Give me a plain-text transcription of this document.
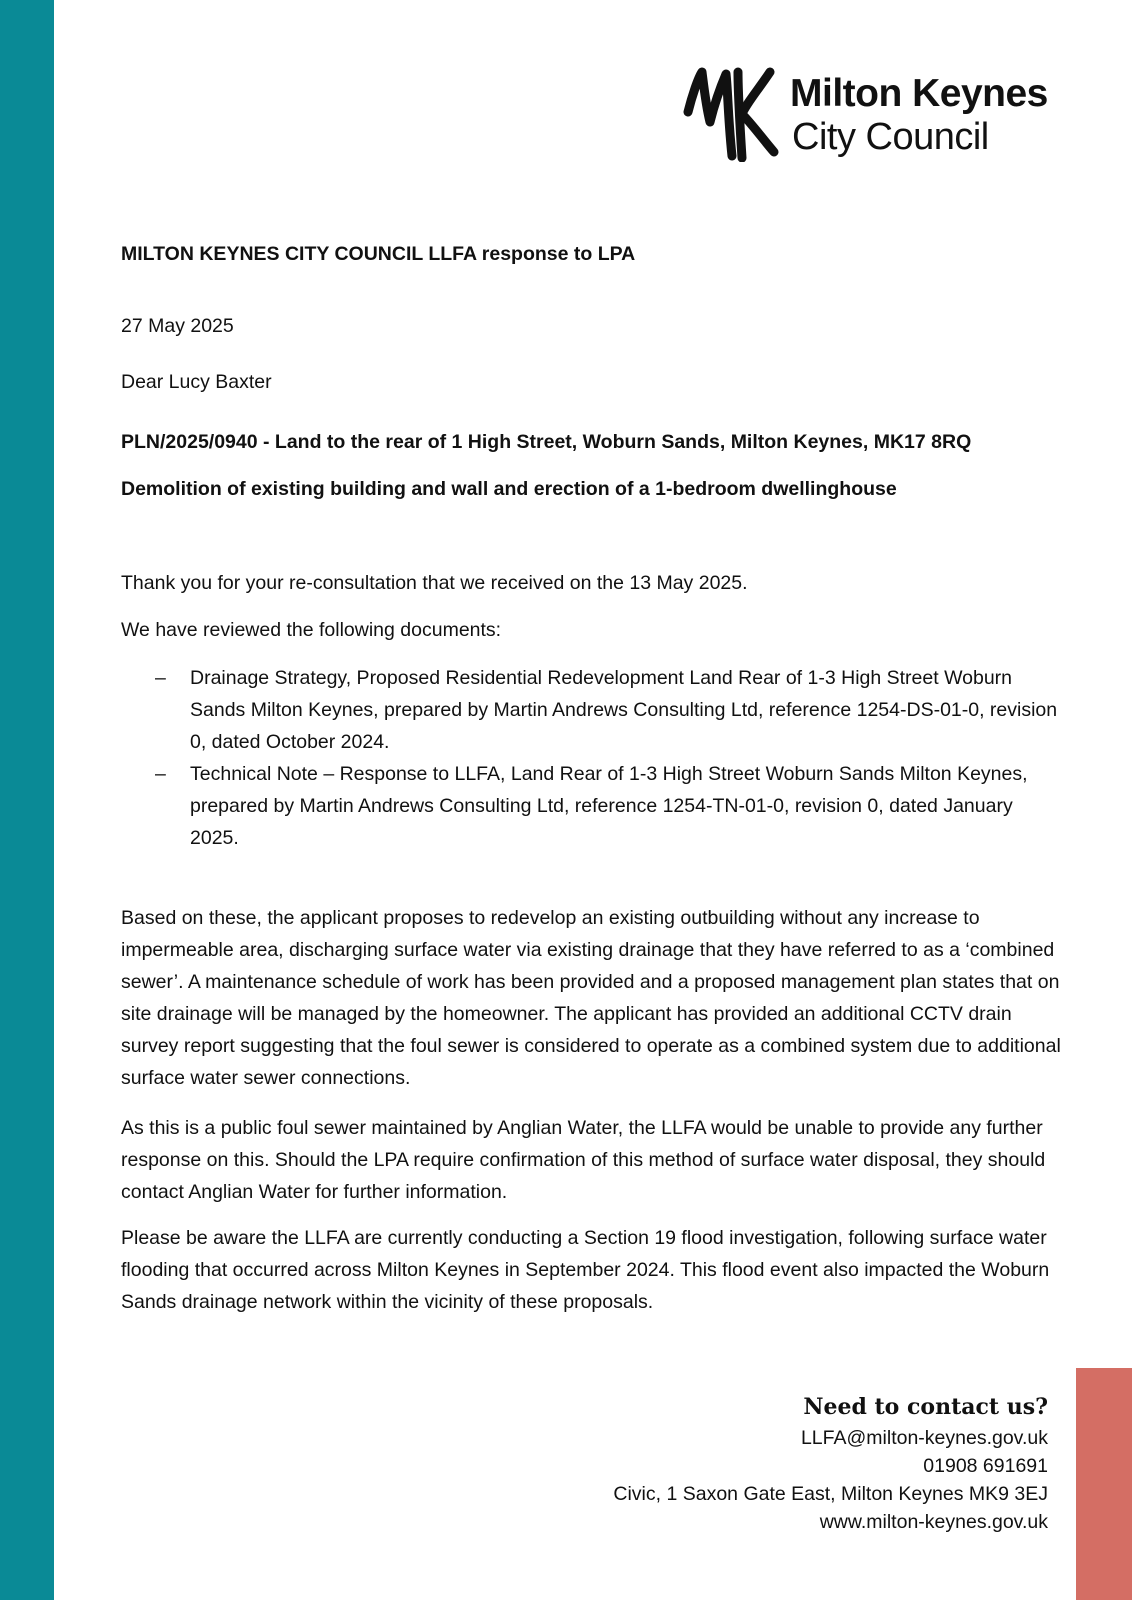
Milton Keynes
City Council
MILTON KEYNES CITY COUNCIL LLFA response to LPA
27 May 2025
Dear Lucy Baxter
PLN/2025/0940 - Land to the rear of 1 High Street, Woburn Sands, Milton Keynes, MK17 8RQ
Demolition of existing building and wall and erection of a 1-bedroom dwellinghouse
Thank you for your re-consultation that we received on the 13 May 2025.
We have reviewed the following documents:
– Drainage Strategy, Proposed Residential Redevelopment Land Rear of 1-3 High Street Woburn Sands Milton Keynes, prepared by Martin Andrews Consulting Ltd, reference 1254-DS-01-0, revision 0, dated October 2024.
– Technical Note – Response to LLFA, Land Rear of 1-3 High Street Woburn Sands Milton Keynes, prepared by Martin Andrews Consulting Ltd, reference 1254-TN-01-0, revision 0, dated January 2025.
Based on these, the applicant proposes to redevelop an existing outbuilding without any increase to impermeable area, discharging surface water via existing drainage that they have referred to as a ‘combined sewer’. A maintenance schedule of work has been provided and a proposed management plan states that on site drainage will be managed by the homeowner. The applicant has provided an additional CCTV drain survey report suggesting that the foul sewer is considered to operate as a combined system due to additional surface water sewer connections.
As this is a public foul sewer maintained by Anglian Water, the LLFA would be unable to provide any further response on this. Should the LPA require confirmation of this method of surface water disposal, they should contact Anglian Water for further information.
Please be aware the LLFA are currently conducting a Section 19 flood investigation, following surface water flooding that occurred across Milton Keynes in September 2024. This flood event also impacted the Woburn Sands drainage network within the vicinity of these proposals.
Need to contact us?
LLFA@milton-keynes.gov.uk
01908 691691
Civic, 1 Saxon Gate East, Milton Keynes MK9 3EJ
www.milton-keynes.gov.uk
